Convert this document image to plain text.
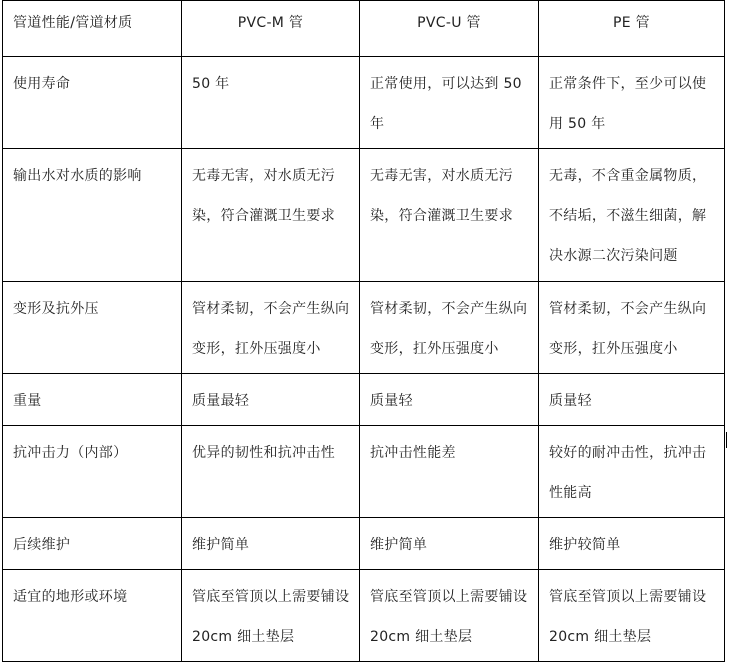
管道性能/管道材质	PVC-M 管	PVC-U 管	PE 管

使用寿命	50 年	正常使用，可以达到 50 年	正常条件下，至少可以使用 50 年

输出水对水质的影响	无毒无害，对水质无污染，符合灌溉卫生要求	无毒无害，对水质无污染，符合灌溉卫生要求	无毒，不含重金属物质，不结垢，不滋生细菌，解决水源二次污染问题

变形及抗外压	管材柔韧，不会产生纵向变形，扛外压强度小	管材柔韧，不会产生纵向变形，扛外压强度小	管材柔韧，不会产生纵向变形，扛外压强度小

重量	质量最轻	质量轻	质量轻

抗冲击力（内部）	优异的韧性和抗冲击性	抗冲击性能差	较好的耐冲击性，抗冲击性能高

后续维护	维护简单	维护简单	维护较简单

适宜的地形或环境	管底至管顶以上需要铺设 20cm 细土垫层	管底至管顶以上需要铺设 20cm 细土垫层	管底至管顶以上需要铺设 20cm 细土垫层
